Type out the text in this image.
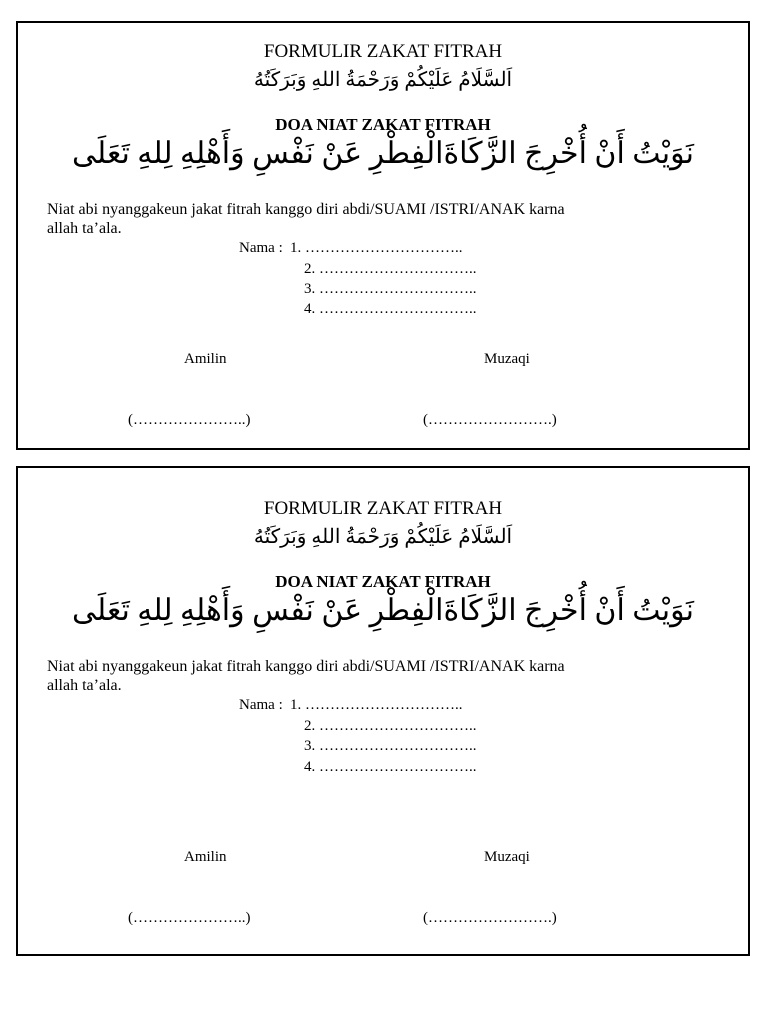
FORMULIR ZAKAT FITRAH
اَلسَّلَامُ عَلَيْكُمْ وَرَحْمَةُ اللهِ وَبَرَكَتُهُ
DOA NIAT ZAKAT FITRAH
نَوَيْتُ أَنْ أُخْرِجَ الزَّكَاةَالْفِطْرِ عَنْ نَفْسِ وَأَهْلِهِ لِلهِ تَعَلَى
Niat abi nyanggakeun jakat fitrah kanggo diri abdi/SUAMI /ISTRI/ANAK karna
allah ta’ala.
Nama : 1. …………………………..
2. …………………………..
3. …………………………..
4. …………………………..
Amilin	Muzaqi
(…………………..)	(…………………….)
FORMULIR ZAKAT FITRAH
اَلسَّلَامُ عَلَيْكُمْ وَرَحْمَةُ اللهِ وَبَرَكَتُهُ
DOA NIAT ZAKAT FITRAH
نَوَيْتُ أَنْ أُخْرِجَ الزَّكَاةَالْفِطْرِ عَنْ نَفْسِ وَأَهْلِهِ لِلهِ تَعَلَى
Niat abi nyanggakeun jakat fitrah kanggo diri abdi/SUAMI /ISTRI/ANAK karna
allah ta’ala.
Nama : 1. …………………………..
2. …………………………..
3. …………………………..
4. …………………………..
Amilin	Muzaqi
(…………………..)	(…………………….)
